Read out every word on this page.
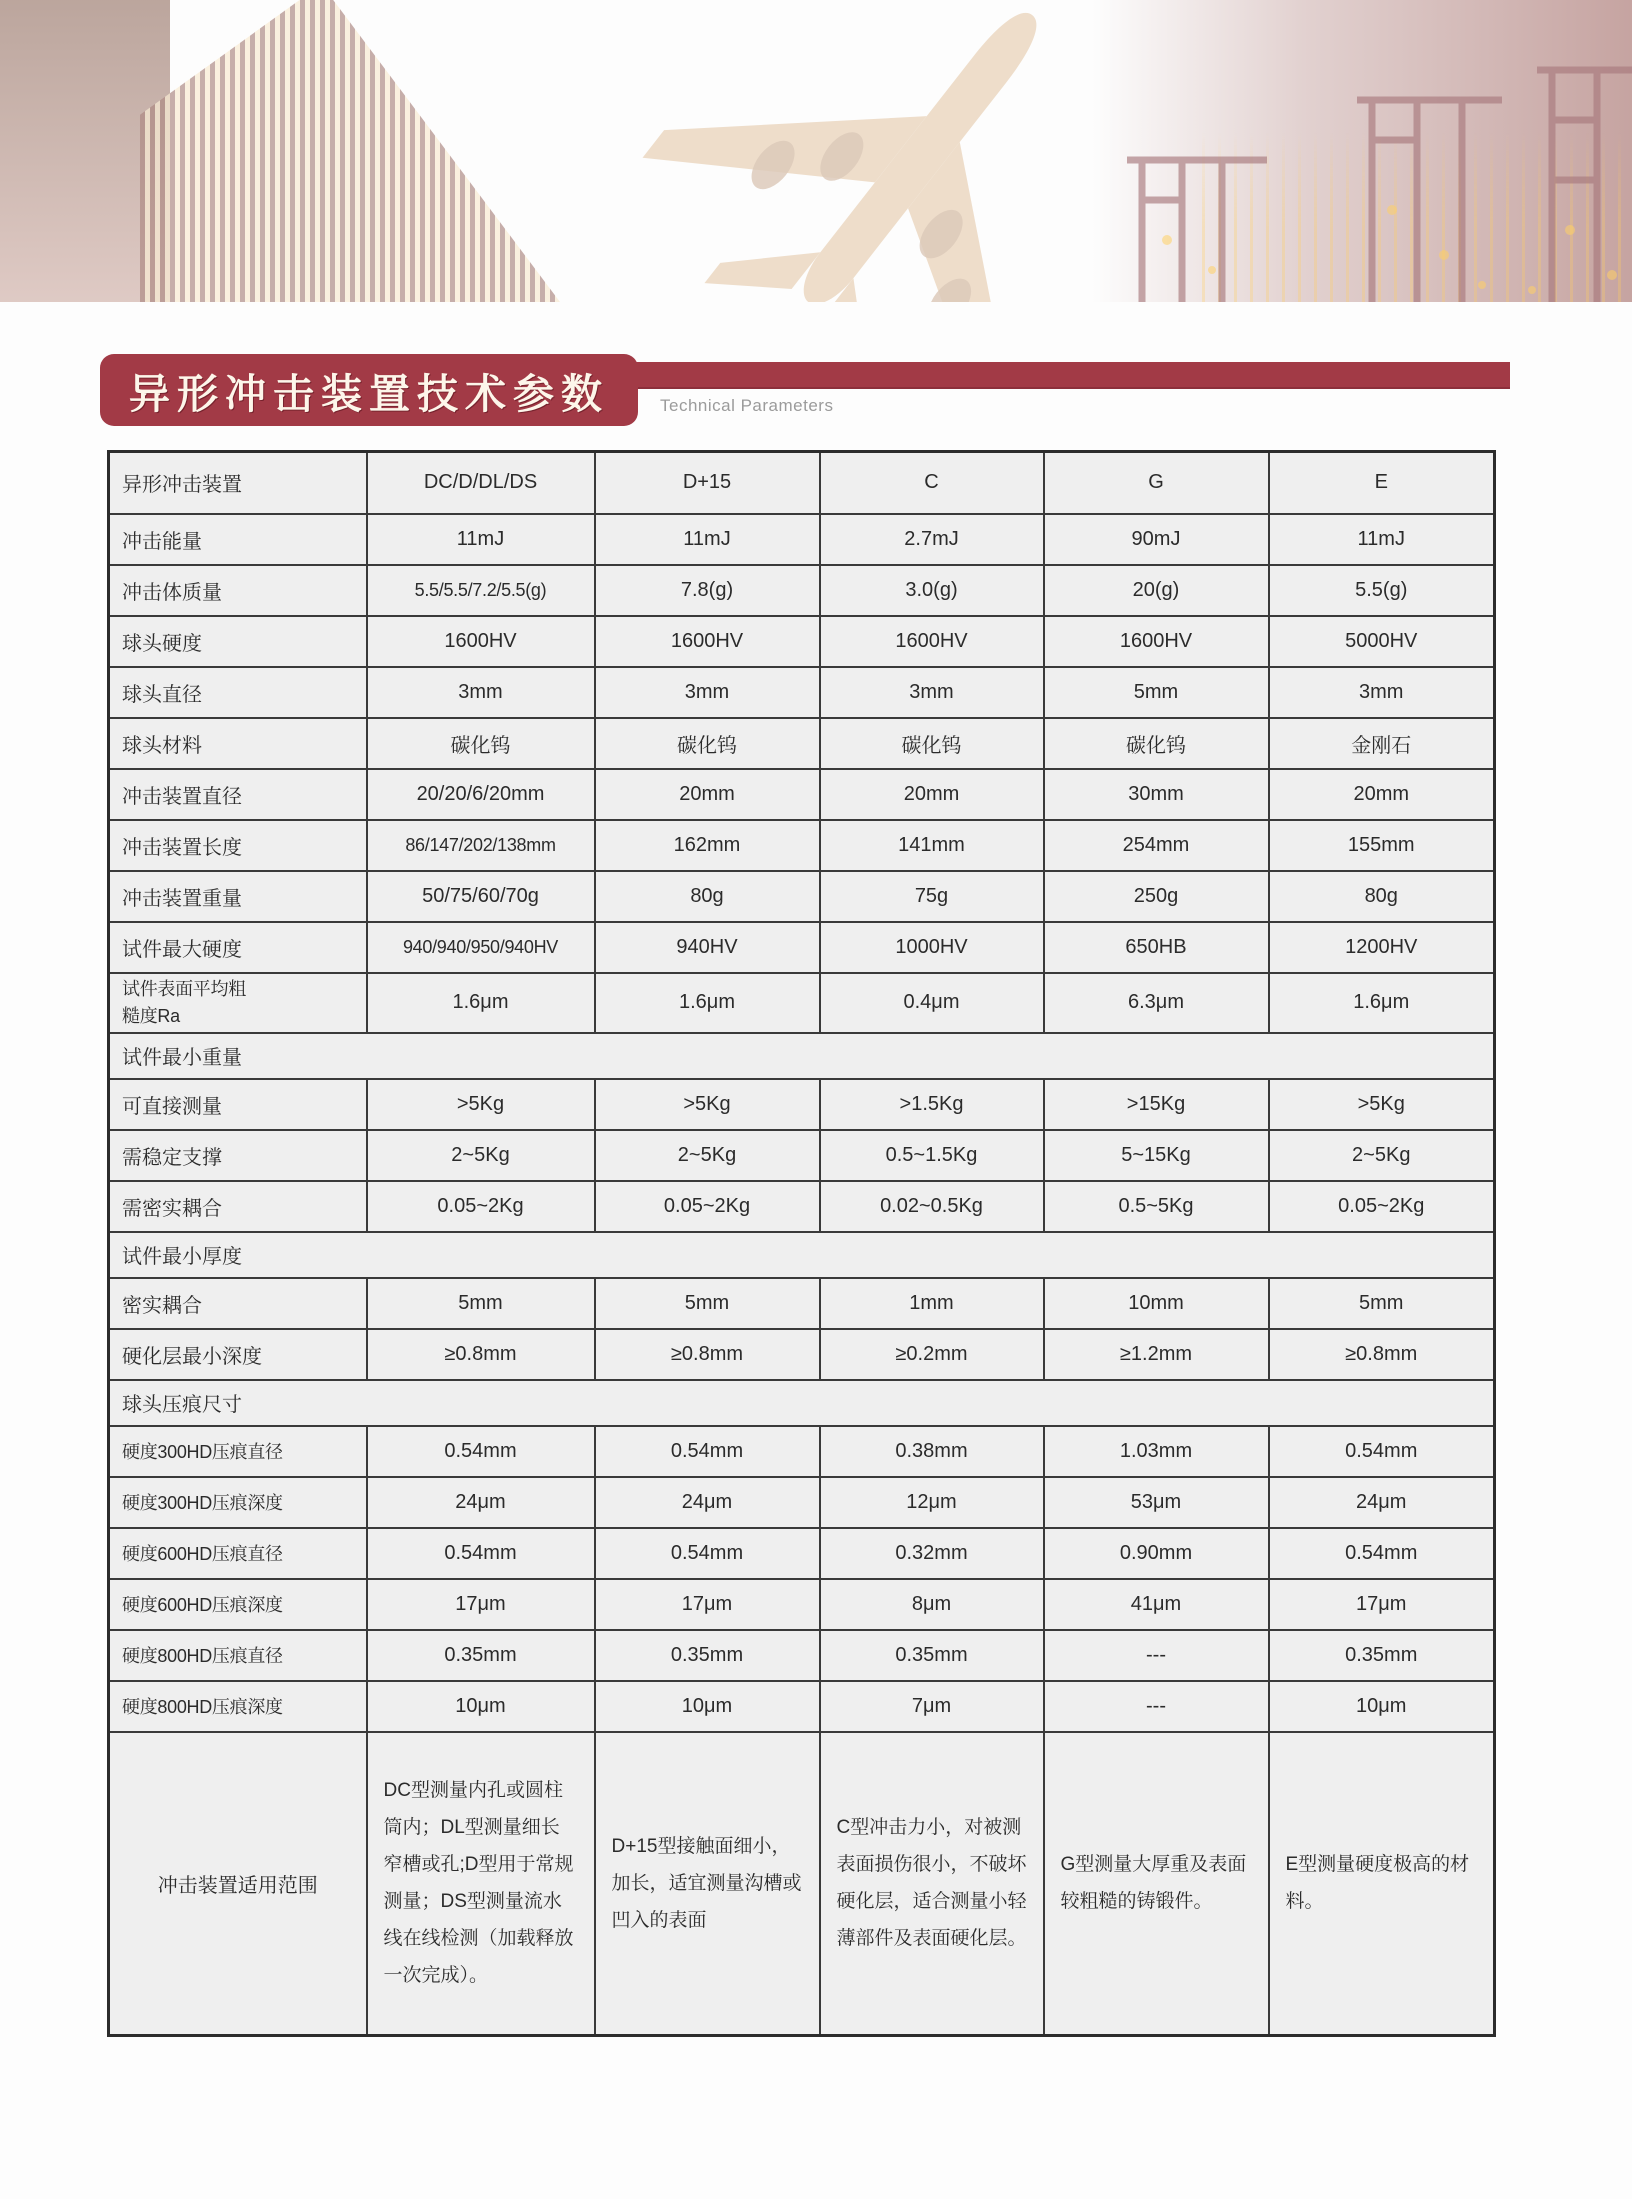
异形冲击装置技术参数	Technical Parameters
异形冲击装置	DC/D/DL/DS	D+15	C	G	E
冲击能量	11mJ	11mJ	2.7mJ	90mJ	11mJ
冲击体质量	5.5/5.5/7.2/5.5(g)	7.8(g)	3.0(g)	20(g)	5.5(g)
球头硬度	1600HV	1600HV	1600HV	1600HV	5000HV
球头直径	3mm	3mm	3mm	5mm	3mm
球头材料	碳化钨	碳化钨	碳化钨	碳化钨	金刚石
冲击装置直径	20/20/6/20mm	20mm	20mm	30mm	20mm
冲击装置长度	86/147/202/138mm	162mm	141mm	254mm	155mm
冲击装置重量	50/75/60/70g	80g	75g	250g	80g
试件最大硬度	940/940/950/940HV	940HV	1000HV	650HB	1200HV
试件表面平均粗糙度Ra	1.6μm	1.6μm	0.4μm	6.3μm	1.6μm
试件最小重量					
可直接测量	>5Kg	>5Kg	>1.5Kg	>15Kg	>5Kg
需稳定支撑	2~5Kg	2~5Kg	0.5~1.5Kg	5~15Kg	2~5Kg
需密实耦合	0.05~2Kg	0.05~2Kg	0.02~0.5Kg	0.5~5Kg	0.05~2Kg
试件最小厚度					
密实耦合	5mm	5mm	1mm	10mm	5mm
硬化层最小深度	≥0.8mm	≥0.8mm	≥0.2mm	≥1.2mm	≥0.8mm
球头压痕尺寸					
硬度300HD压痕直径	0.54mm	0.54mm	0.38mm	1.03mm	0.54mm
硬度300HD压痕深度	24μm	24μm	12μm	53μm	24μm
硬度600HD压痕直径	0.54mm	0.54mm	0.32mm	0.90mm	0.54mm
硬度600HD压痕深度	17μm	17μm	8μm	41μm	17μm
硬度800HD压痕直径	0.35mm	0.35mm	0.35mm	---	0.35mm
硬度800HD压痕深度	10μm	10μm	7μm	---	10μm
冲击装置适用范围	DC型测量内孔或圆柱筒内；DL型测量细长窄槽或孔;D型用于常规测量；DS型测量流水线在线检测（加载释放一次完成）。	D+15型接触面细小，加长，适宜测量沟槽或凹入的表面	C型冲击力小，对被测表面损伤很小，不破坏硬化层，适合测量小轻薄部件及表面硬化层。	G型测量大厚重及表面较粗糙的铸锻件。	E型测量硬度极高的材料。
